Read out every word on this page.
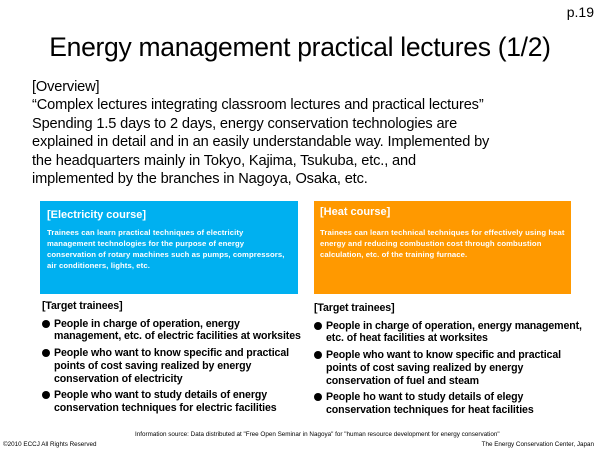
p.19
Energy management practical lectures (1/2)
[Overview]
“Complex lectures integrating classroom lectures and practical lectures”
Spending 1.5 days to 2 days, energy conservation technologies are
explained in detail and in an easily understandable way. Implemented by
the headquarters mainly in Tokyo, Kajima, Tsukuba, etc., and
implemented by the branches in Nagoya, Osaka, etc.
[Electricity course]
Trainees can learn practical techniques of electricity management technologies for the purpose of energy conservation of rotary machines such as pumps, compressors, air conditioners, lights, etc.
[Heat course]
Trainees can learn technical techniques for effectively using heat energy and reducing combustion cost through combustion calculation, etc. of the training furnace.
[Target trainees]
People in charge of operation, energy management, etc. of electric facilities at worksites
People who want to know specific and practical points of cost saving realized by energy conservation of electricity
People who want to study details of energy conservation techniques for electric facilities
[Target trainees]
People in charge of operation, energy management, etc. of heat facilities at worksites
People who want to know specific and practical points of cost saving realized by energy conservation of fuel and steam
People ho want to study details of elegy conservation techniques for heat facilities
Information source: Data distributed at "Free Open Seminar in Nagoya" for "human resource development for energy conservation"
©2010 ECCJ All Rights Reserved	The Energy Conservation Center, Japan
